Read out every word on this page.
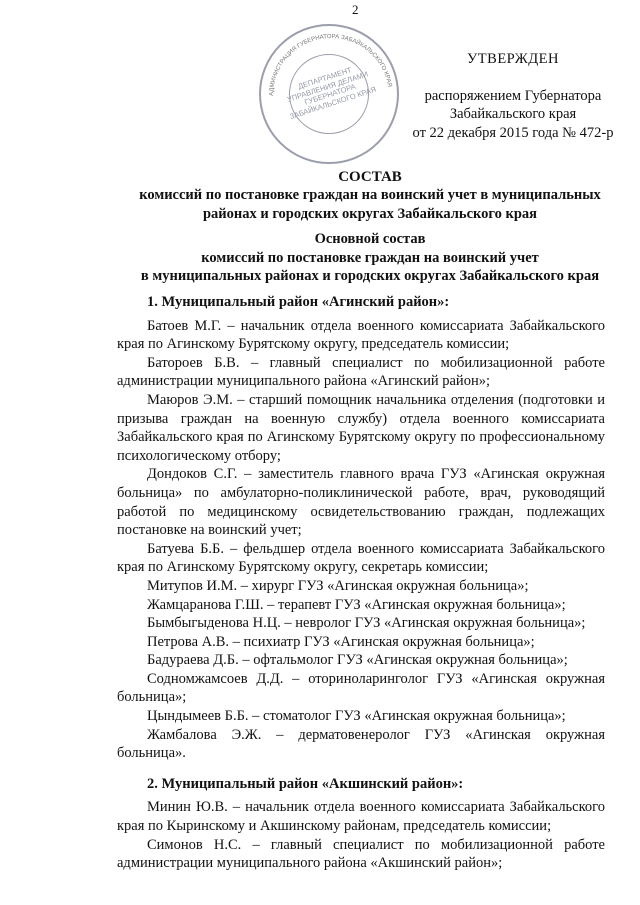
2
АДМИНИСТРАЦИЯ ГУБЕРНАТОРА ЗАБАЙКАЛЬСКОГО КРАЯ
ДЕПАРТАМЕНТ УПРАВЛЕНИЯ ДЕЛАМИ ГУБЕРНАТОРА ЗАБАЙКАЛЬСКОГО КРАЯ
УТВЕРЖДЕН
распоряжением Губернатора
Забайкальского края
от 22 декабря 2015 года № 472-р
СОСТАВ
комиссий по постановке граждан на воинский учет в муниципальных
районах и городских округах Забайкальского края
Основной состав
комиссий по постановке граждан на воинский учет
в муниципальных районах и городских округах Забайкальского края
1. Муниципальный район «Агинский район»:

Батоев М.Г. – начальник отдела военного комиссариата Забайкальского края по Агинскому Бурятскому округу, председатель комиссии;

Батороев Б.В. – главный специалист по мобилизационной работе администрации муниципального района «Агинский район»;

Маюров Э.М. – старший помощник начальника отделения (подготовки и призыва граждан на военную службу) отдела военного комиссариата Забайкальского края по Агинскому Бурятскому округу по профессиональному психологическому отбору;

Дондоков С.Г. – заместитель главного врача ГУЗ «Агинская окружная больница» по амбулаторно-поликлинической работе, врач, руководящий работой по медицинскому освидетельствованию граждан, подлежащих постановке на воинский учет;

Батуева Б.Б. – фельдшер отдела военного комиссариата Забайкальского края по Агинскому Бурятскому округу, секретарь комиссии;

Митупов И.М. – хирург ГУЗ «Агинская окружная больница»;

Жамцаранова Г.Ш. – терапевт ГУЗ «Агинская окружная больница»;

Бымбыгыденова Н.Ц. – невролог ГУЗ «Агинская окружная больница»;

Петрова А.В. – психиатр ГУЗ «Агинская окружная больница»;

Бадураева Д.Б. – офтальмолог ГУЗ «Агинская окружная больница»;

Содномжамсоев Д.Д. – оториноларинголог ГУЗ «Агинская окружная больница»;

Цындымеев Б.Б. – стоматолог ГУЗ «Агинская окружная больница»;

Жамбалова Э.Ж. – дерматовенеролог ГУЗ «Агинская окружная больница».

2. Муниципальный район «Акшинский район»:

Минин Ю.В. – начальник отдела военного комиссариата Забайкальского края по Кыринскому и Акшинскому районам, председатель комиссии;

Симонов Н.С. – главный специалист по мобилизационной работе администрации муниципального района «Акшинский район»;
